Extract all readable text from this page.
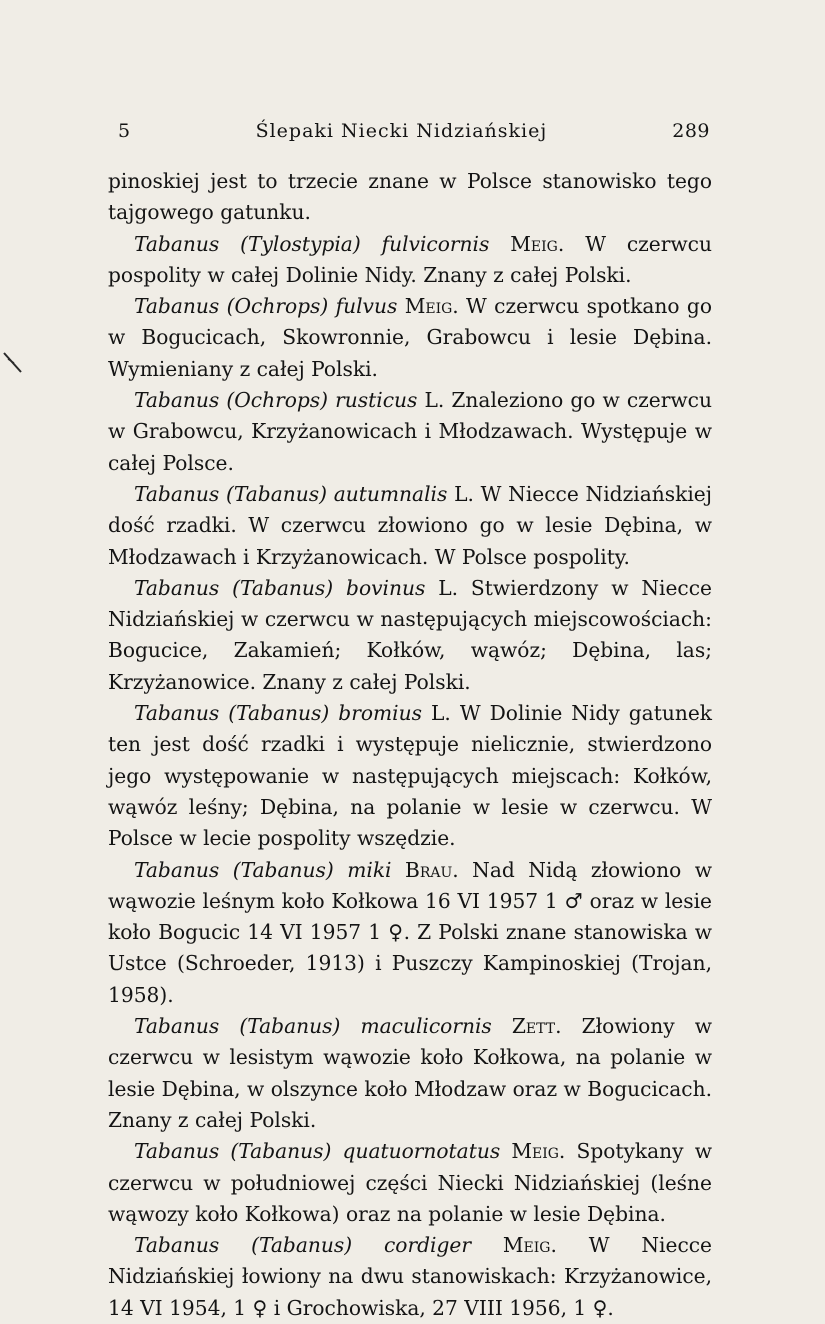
5	Ślepaki Niecki Nidziańskiej	289

pinoskiej jest to trzecie znane w Polsce stanowisko tego tajgowego gatunku.

Tabanus (Tylostypia) fulvicornis Meig. W czerwcu pospolity w całej Dolinie Nidy. Znany z całej Polski.

Tabanus (Ochrops) fulvus Meig. W czerwcu spotkano go w Bogucicach, Skowronnie, Grabowcu i lesie Dębina. Wymieniany z całej Polski.

Tabanus (Ochrops) rusticus L. Znaleziono go w czerwcu w Grabowcu, Krzyżanowicach i Młodzawach. Występuje w całej Polsce.

Tabanus (Tabanus) autumnalis L. W Niecce Nidziańskiej dość rzadki. W czerwcu złowiono go w lesie Dębina, w Młodzawach i Krzyżanowicach. W Polsce pospolity.

Tabanus (Tabanus) bovinus L. Stwierdzony w Niecce Nidziańskiej w czerwcu w następujących miejscowościach: Bogucice, Zakamień; Kołków, wąwóz; Dębina, las; Krzyżanowice. Znany z całej Polski.

Tabanus (Tabanus) bromius L. W Dolinie Nidy gatunek ten jest dość rzadki i występuje nielicznie, stwierdzono jego występowanie w następujących miejscach: Kołków, wąwóz leśny; Dębina, na polanie w lesie w czerwcu. W Polsce w lecie pospolity wszędzie.

Tabanus (Tabanus) miki Brau. Nad Nidą złowiono w wąwozie leśnym koło Kołkowa 16 VI 1957 1 ♂ oraz w lesie koło Bogucic 14 VI 1957 1 ♀. Z Polski znane stanowiska w Ustce (Schroeder, 1913) i Puszczy Kampinoskiej (Trojan, 1958).

Tabanus (Tabanus) maculicornis Zett. Złowiony w czerwcu w lesistym wąwozie koło Kołkowa, na polanie w lesie Dębina, w olszynce koło Młodzaw oraz w Bogucicach. Znany z całej Polski.

Tabanus (Tabanus) quatuornotatus Meig. Spotykany w czerwcu w południowej części Niecki Nidziańskiej (leśne wąwozy koło Kołkowa) oraz na polanie w lesie Dębina.

Tabanus (Tabanus) cordiger Meig. W Niecce Nidziańskiej łowiony na dwu stanowiskach: Krzyżanowice, 14 VI 1954, 1 ♀ i Grochowiska, 27 VIII 1956, 1 ♀.
